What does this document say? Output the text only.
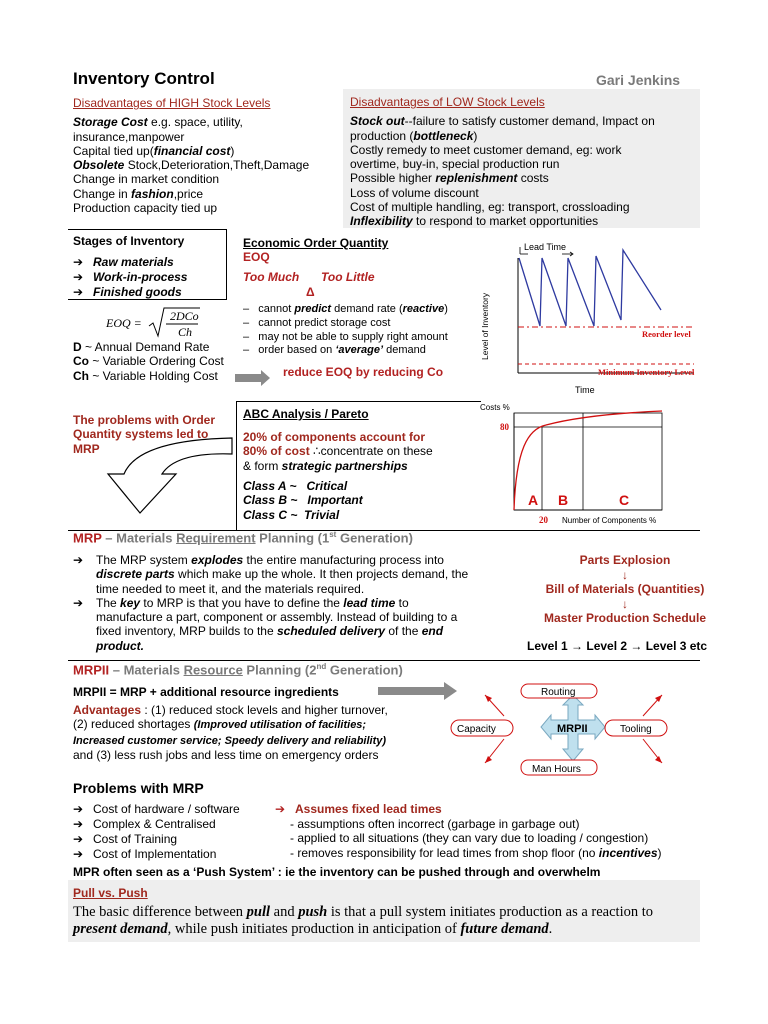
Inventory Control	Gari Jenkins
Disadvantages of HIGH Stock Levels
Storage Cost e.g. space, utility,
insurance,manpower
Capital tied up(financial cost)
Obsolete Stock,Deterioration,Theft,Damage
Change in market condition
Change in fashion,price
Production capacity tied up
Disadvantages of LOW Stock Levels
Stock out--failure to satisfy customer demand, Impact on
production (bottleneck)
Costly remedy to meet customer demand, eg: work
overtime, buy-in, special production run
Possible higher replenishment costs
Loss of volume discount
Cost of multiple handling, eg: transport, crossloading
Inflexibility to respond to market opportunities
Stages of Inventory
➔ Raw materials
➔ Work-in-process
➔ Finished goods
EOQ = 2DCo
Ch
D ~ Annual Demand Rate
Co ~ Variable Ordering Cost
Ch ~ Variable Holding Cost
Economic Order Quantity
EOQ
Too Much Too Little
Δ
–   cannot predict demand rate (reactive)
–   cannot predict storage cost
–   may not be able to supply right amount
–   order based on ‘average’ demand
reduce EOQ by reducing Co
Lead Time
Level of Inventory
Time
Reorder level
Minimum Inventory Level
The problems with Order
Quantity systems led to
MRP
ABC Analysis / Pareto
20% of components account for
80% of cost ∴concentrate on these
& form strategic partnerships
Class A ~   Critical
Class B ~   Important
Class C ~  Trivial
Costs %
80
20 Number of Components %
A B	C
MRP – Materials Requirement Planning (1st Generation)
➔ The MRP system explodes the entire manufacturing process into
discrete parts which make up the whole. It then projects demand, the
time needed to meet it, and the materials required.
➔ The key to MRP is that you have to define the lead time to
manufacture a part, component or assembly. Instead of building to a
fixed inventory, MRP builds to the scheduled delivery of the end
product.
Parts Explosion
↓
Bill of Materials (Quantities)
↓
Master Production Schedule
Level 1 → Level 2 → Level 3 etc
MRPII – Materials Resource Planning (2nd Generation)
MRPII = MRP + additional resource ingredients
Advantages : (1) reduced stock levels and higher turnover,
(2) reduced shortages (Improved utilisation of facilities;
Increased customer service; Speedy delivery and reliability)
and (3) less rush jobs and less time on emergency orders
MRPII
Routing
Capacity	Tooling
Man Hours
Problems with MRP
➔ Cost of hardware / software
➔ Complex & Centralised
➔ Cost of Training
➔ Cost of Implementation
➔ Assumes fixed lead times
- assumptions often incorrect (garbage in garbage out)
- applied to all situations (they can vary due to loading / congestion)
- removes responsibility for lead times from shop floor (no incentives)
MPR often seen as a ‘Push System’ : ie the inventory can be pushed through and overwhelm
Pull vs. Push
The basic difference between pull and push is that a pull system initiates production as a reaction to
present demand, while push initiates production in anticipation of future demand.
